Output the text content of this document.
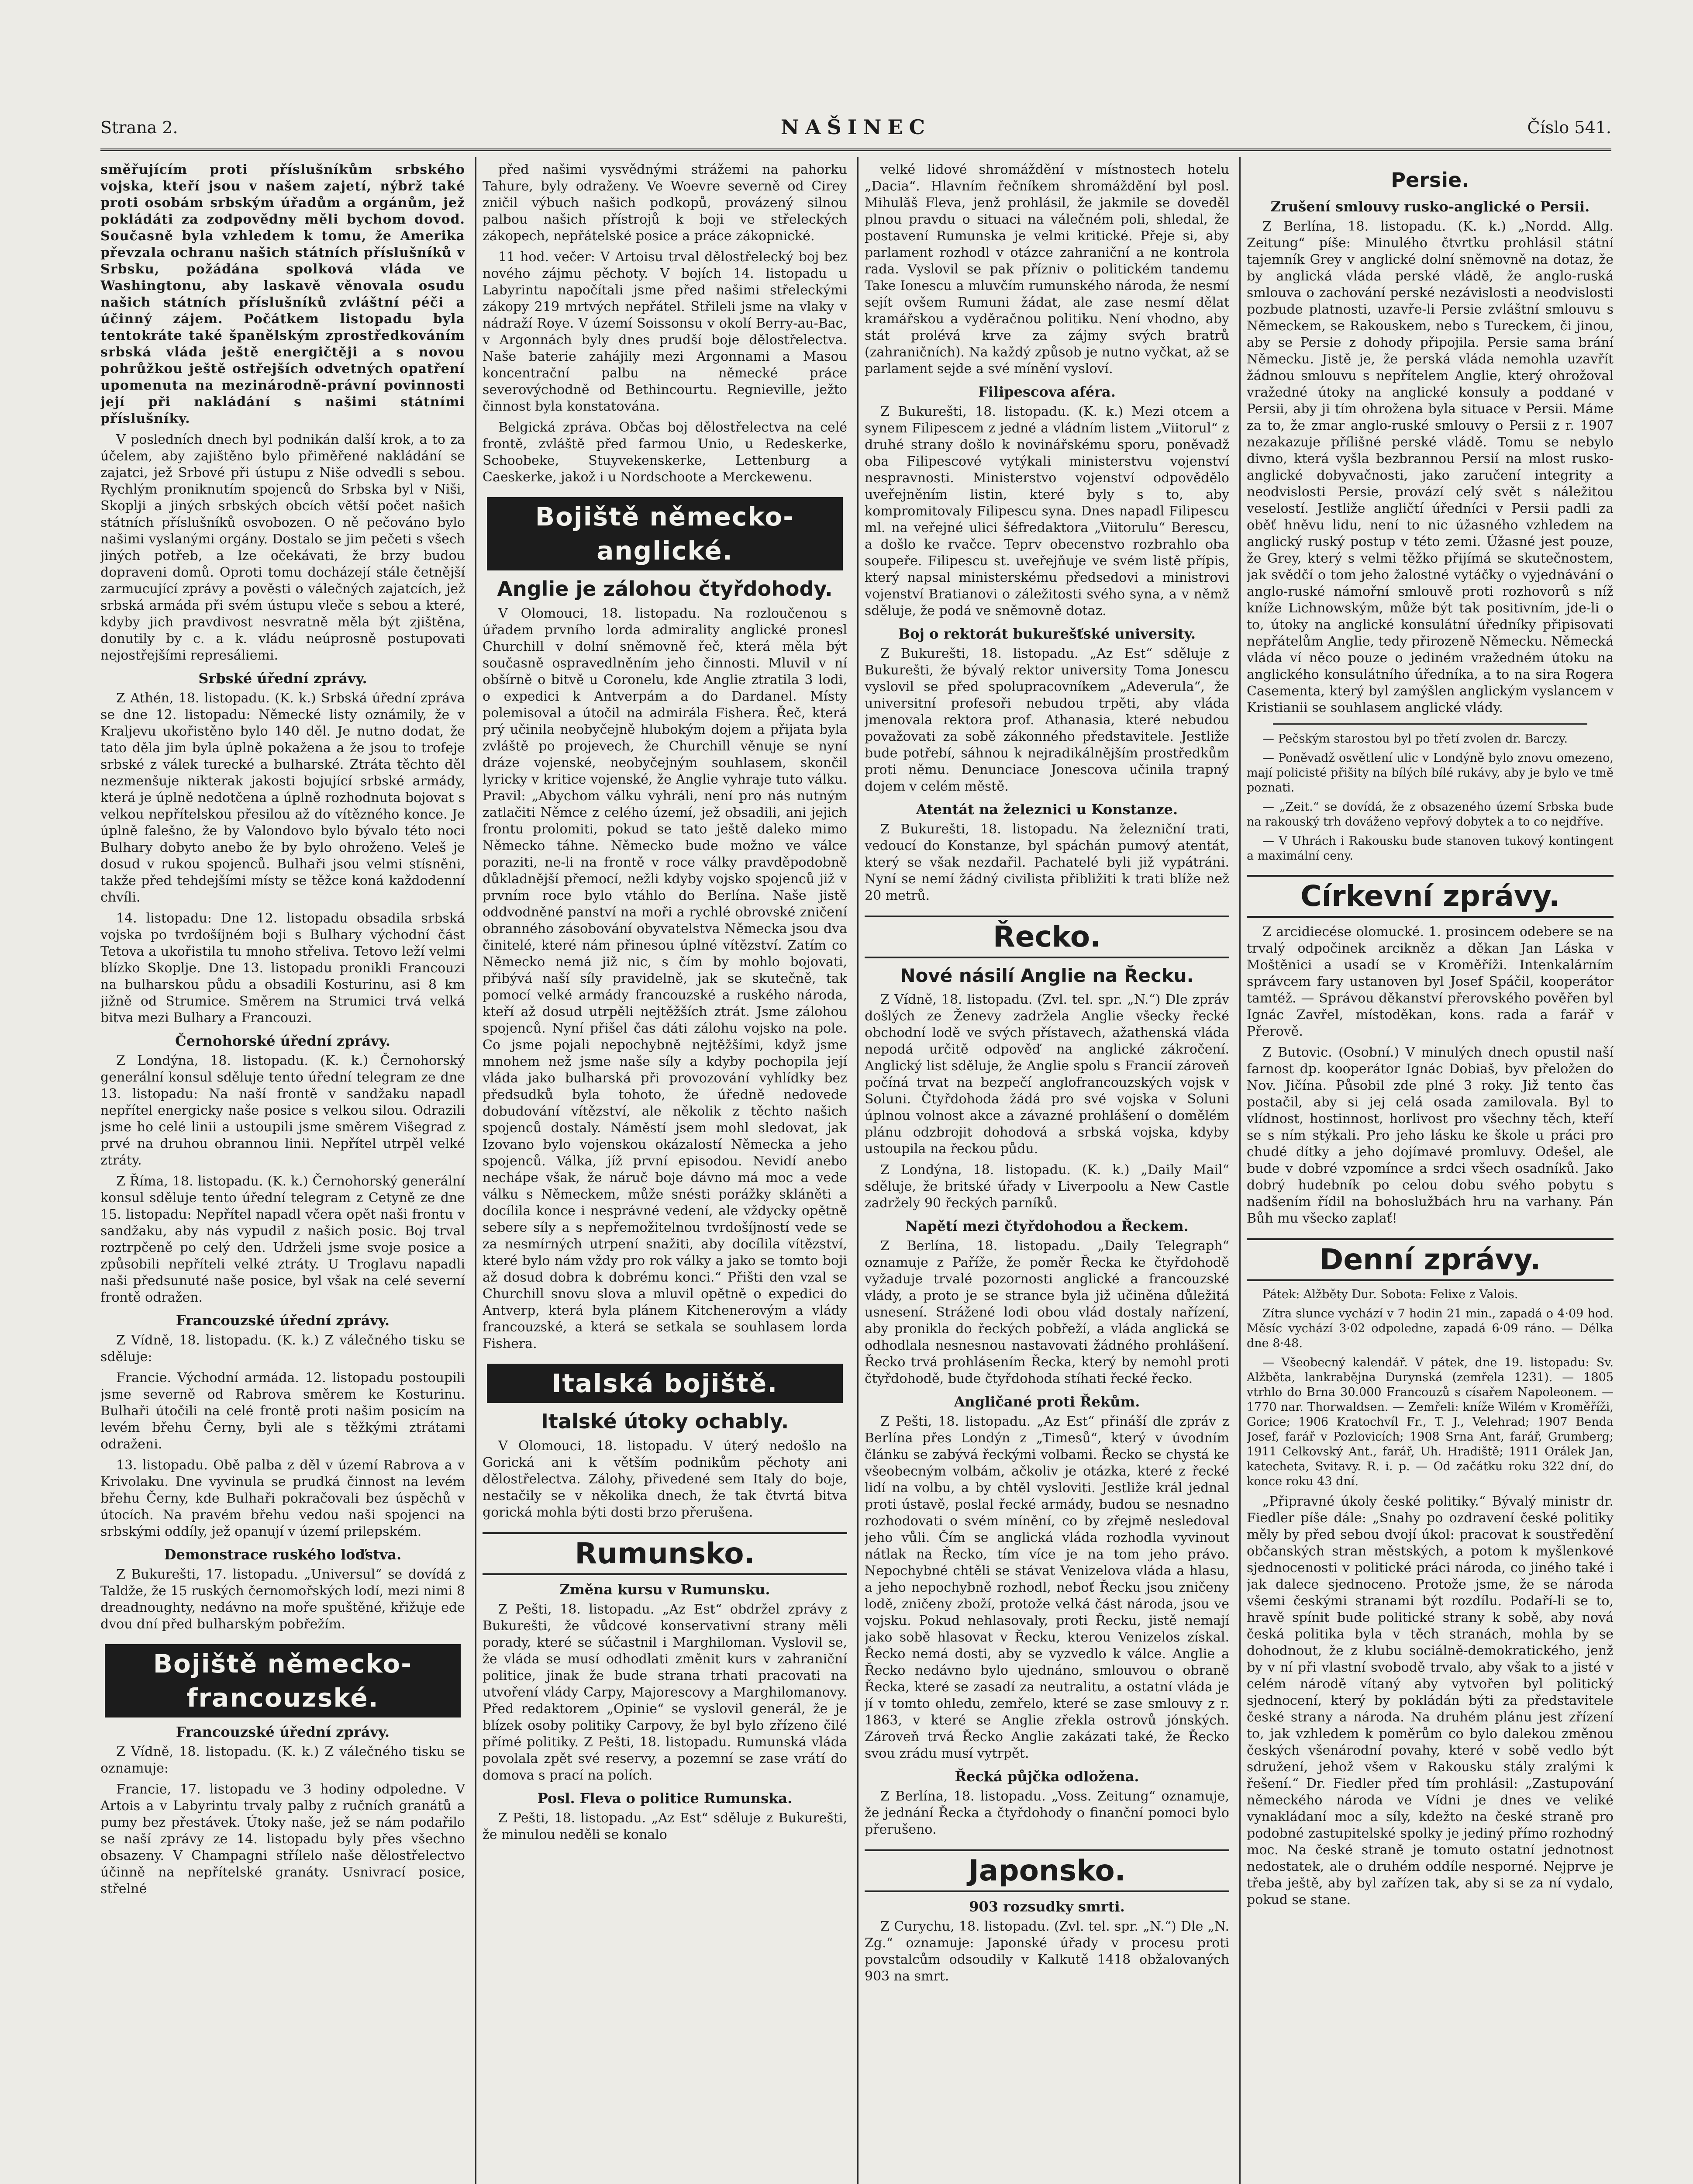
Strana 2.	NAŠINEC	Číslo 541.

směřujícím proti příslušníkům srbského vojska, kteří jsou v našem zajetí, nýbrž také proti osobám srbským úřadům a orgánům, jež pokládáti za zodpovědny měli bychom dovod. Současně byla vzhledem k tomu, že Amerika převzala ochranu našich státních příslušníků v Srbsku, požádána spolková vláda ve Washingtonu, aby laskavě věnovala osudu našich státních příslušníků zvláštní péči a účinný zájem. Počátkem listopadu byla tentokráte také španělským zprostředkováním srbská vláda ještě energičtěji a s novou pohrůžkou ještě ostřejších odvetných opatření upomenuta na mezinárodně-právní povinnosti její při nakládání s našimi státními příslušníky.

V posledních dnech byl podnikán další krok, a to za účelem, aby zajištěno bylo přiměřené nakládání se zajatci, jež Srbové při ústupu z Niše odvedli s sebou. Rychlým proniknutím spojenců do Srbska byl v Niši, Skoplji a jiných srbských obcích větší počet našich státních příslušníků osvobozen. O ně pečováno bylo našimi vyslanými orgány. Dostalo se jim pečeti s všech jiných potřeb, a lze očekávati, že brzy budou dopraveni domů. Oproti tomu docházejí stále četnější zarmucující zprávy a pověsti o válečných zajatcích, jež srbská armáda při svém ústupu vleče s sebou a které, kdyby jich pravdivost nesvratně měla být zjištěna, donutily by c. a k. vládu neúprosně postupovati nejostřejšími represáliemi.

Srbské úřední zprávy.

Z Athén, 18. listopadu. (K. k.) Srbská úřední zpráva se dne 12. listopadu: Německé listy oznámily, že v Kraljevu ukořistěno bylo 140 děl. Je nutno dodat, že tato děla jim byla úplně pokažena a že jsou to trofeje srbské z válek turecké a bulharské. Ztráta těchto děl nezmenšuje nikterak jakosti bojující srbské armády, která je úplně nedotčena a úplně rozhodnuta bojovat s velkou nepřítelskou přesilou až do vítězného konce. Je úplně falešno, že by Valondovo bylo bývalo této noci Bulhary dobyto anebo že by bylo ohroženo. Veleš je dosud v rukou spojenců. Bulhaři jsou velmi stísněni, takže před tehdejšími místy se těžce koná každodenní chvíli.

14. listopadu: Dne 12. listopadu obsadila srbská vojska po tvrdošíjném boji s Bulhary východní část Tetova a ukořistila tu mnoho střeliva. Tetovo leží velmi blízko Skoplje. Dne 13. listopadu pronikli Francouzi na bulharskou půdu a obsadili Kosturinu, asi 8 km jižně od Strumice. Směrem na Strumici trvá velká bitva mezi Bulhary a Francouzi.

Černohorské úřední zprávy.

Z Londýna, 18. listopadu. (K. k.) Černohorský generální konsul sděluje tento úřední telegram ze dne 13. listopadu: Na naší frontě v sandžaku napadl nepřítel energicky naše posice s velkou silou. Odrazili jsme ho celé linii a ustoupili jsme směrem Višegrad z prvé na druhou obrannou linii. Nepřítel utrpěl velké ztráty.

Z Říma, 18. listopadu. (K. k.) Černohorský generální konsul sděluje tento úřední telegram z Cetyně ze dne 15. listopadu: Nepřítel napadl včera opět naši frontu v sandžaku, aby nás vypudil z našich posic. Boj trval roztrpčeně po celý den. Udrželi jsme svoje posice a způsobili nepříteli velké ztráty. U Troglavu napadli naši předsunuté naše posice, byl však na celé severní frontě odražen.

Francouzské úřední zprávy.

Z Vídně, 18. listopadu. (K. k.) Z válečného tisku se sděluje:

Francie. Východní armáda. 12. listopadu postoupili jsme severně od Rabrova směrem ke Kosturinu. Bulhaři útočili na celé frontě proti našim posicím na levém břehu Černy, byli ale s těžkými ztrátami odraženi.

13. listopadu. Obě palba z děl v území Rabrova a v Krivolaku. Dne vyvinula se prudká činnost na levém břehu Černy, kde Bulhaři pokračovali bez úspěchů v útocích. Na pravém břehu vedou naši spojenci na srbskými oddíly, jež opanují v území prilepském.

Demonstrace ruského loďstva.

Z Bukurešti, 17. listopadu. „Universul“ se dovídá z Taldže, že 15 ruských černomořských lodí, mezi nimi 8 dreadnoughty, nedávno na moře spuštěné, křižuje ede dvou dní před bulharským pobřežím.

Bojiště německo-francouzské.
Francouzské úřední zprávy.

Z Vídně, 18. listopadu. (K. k.) Z válečného tisku se oznamuje:

Francie, 17. listopadu ve 3 hodiny odpoledne. V Artois a v Labyrintu trvaly palby z ručních granátů a pumy bez přestávek. Útoky naše, jež se nám podařilo se naší zprávy ze 14. listopadu byly přes všechno obsazeny. V Champagni střílelo naše dělostřelectvo účinně na nepřítelské granáty. Usnivrací posice, střelné

před našimi vysvědnými strážemi na pahorku Tahure, byly odraženy. Ve Woevre severně od Cirey zničil výbuch našich podkopů, provázený silnou palbou našich přístrojů k boji ve střeleckých zákopech, nepřátelské posice a práce zákopnické.

11 hod. večer: V Artoisu trval dělostřelecký boj bez nového zájmu pěchoty. V bojích 14. listopadu u Labyrintu napočítali jsme před našimi střeleckými zákopy 219 mrtvých nepřátel. Střileli jsme na vlaky v nádraží Roye. V území Soissonsu v okolí Berry-au-Bac, v Argonnách byly dnes prudší boje dělostřelectva. Naše baterie zahájily mezi Argonnami a Masou koncentrační palbu na německé práce severovýchodně od Bethincourtu. Regnieville, ježto činnost byla konstatována.

Belgická zpráva. Občas boj dělostřelectva na celé frontě, zvláště před farmou Unio, u Redeskerke, Schoobeke, Stuyvekenskerke, Lettenburg a Caeskerke, jakož i u Nordschoote a Merckewenu.

Bojiště německo-anglické.
Anglie je zálohou čtyřdohody.

V Olomouci, 18. listopadu. Na rozloučenou s úřadem prvního lorda admirality anglické pronesl Churchill v dolní sněmovně řeč, která měla být současně ospravedlněním jeho činnosti. Mluvil v ní obšírně o bitvě u Coronelu, kde Anglie ztratila 3 lodi, o expedici k Antverpám a do Dardanel. Místy polemisoval a útočil na admirála Fishera. Řeč, která prý učinila neobyčejně hlubokým dojem a přijata byla zvláště po projevech, že Churchill věnuje se nyní dráze vojenské, neobyčejným souhlasem, skončil lyricky v kritice vojenské, že Anglie vyhraje tuto válku. Pravil: „Abychom válku vyhráli, není pro nás nutným zatlačiti Němce z celého území, jež obsadili, ani jejich frontu prolomiti, pokud se tato ještě daleko mimo Německo táhne. Německo bude možno ve válce poraziti, ne-li na frontě v roce války pravděpodobně důkladnější přemocí, nežli kdyby vojsko spojenců již v prvním roce bylo vtáhlo do Berlína. Naše jistě oddvodněné panství na moři a rychlé obrovské zničení obranného zásobování obyvatelstva Německa jsou dva činitelé, které nám přinesou úplné vítězství. Zatím co Německo nemá již nic, s čím by mohlo bojovati, přibývá naší síly pravidelně, jak se skutečně, tak pomocí velké armády francouzské a ruského národa, kteří až dosud utrpěli nejtěžších ztrát. Jsme zálohou spojenců. Nyní přišel čas dáti zálohu vojsko na pole. Co jsme pojali nepochybně nejtěžšími, když jsme mnohem než jsme naše síly a kdyby pochopila její vláda jako bulharská při provozování vyhlídky bez předsudků byla tohoto, že úředně nedovede dobudování vítězství, ale několik z těchto našich spojenců dostaly. Náměstí jsem mohl sledovat, jak Izovano bylo vojenskou okázalostí Německa a jeho spojenců. Válka, jíž první episodou. Nevidí anebo nechápe však, že náruč boje dávno má moc a vede válku s Německem, může snésti porážky skláněti a docílila konce i nesprávné vedení, ale vždycky opětně sebere síly a s nepřemožitelnou tvrdošíjností vede se za nesmírných utrpení snažiti, aby docílila vítězství, které bylo nám vždy pro rok války a jako se tomto boji až dosud dobra k dobrému konci.“ Přišti den vzal se Churchill snovu slova a mluvil opětně o expedici do Antverp, která byla plánem Kitchenerovým a vlády francouzské, a která se setkala se souhlasem lorda Fishera.

Italská bojiště.
Italské útoky ochably.

V Olomouci, 18. listopadu. V úterý nedošlo na Gorická ani k větším podnikům pěchoty ani dělostřelectva. Zálohy, přivedené sem Italy do boje, nestačily se v několika dnech, že tak čtvrtá bitva gorická mohla býti dosti brzo přerušena.

Rumunsko.
Změna kursu v Rumunsku.

Z Pešti, 18. listopadu. „Az Est“ obdržel zprávy z Bukurešti, že vůdcové konservativní strany měli porady, které se súčastnil i Marghiloman. Vyslovil se, že vláda se musí odhodlati změnit kurs v zahraniční politice, jinak že bude strana trhati pracovati na utvoření vlády Carpy, Majorescovy a Marghilomanovy. Před redaktorem „Opinie“ se vyslovil generál, že je blízek osoby politiky Carpovy, že byl bylo zřízeno čilé přímé politiky. Z Pešti, 18. listopadu. Rumunská vláda povolala zpět své reservy, a pozemní se zase vrátí do domova s prací na polích.

Posl. Fleva o politice Rumunska.

Z Pešti, 18. listopadu. „Az Est“ sděluje z Bukurešti, že minulou neděli se konalo

velké lidové shromáždění v místnostech hotelu „Dacia“. Hlavním řečníkem shromáždění byl posl. Mihulăš Fleva, jenž prohlásil, že jakmile se doveděl plnou pravdu o situaci na válečném poli, shledal, že postavení Rumunska je velmi kritické. Přeje si, aby parlament rozhodl v otázce zahraniční a ne kontrola rada. Vyslovil se pak přízniv o politickém tandemu Take Ionescu a mluvčím rumunského národa, že nesmí sejít ovšem Rumuni žádat, ale zase nesmí dělat kramářskou a vyděračnou politiku. Není vhodno, aby stát prolévá krve za zájmy svých bratrů (zahraničních). Na každý způsob je nutno vyčkat, až se parlament sejde a své mínění vysloví.

Filipescova aféra.

Z Bukurešti, 18. listopadu. (K. k.) Mezi otcem a synem Filipescem z jedné a vládním listem „Viitorul“ z druhé strany došlo k novinářskému sporu, poněvadž oba Filipescové vytýkali ministerstvu vojenství nespravnosti. Ministerstvo vojenství odpovědělo uveřejněním listin, které byly s to, aby kompromitovaly Filipescu syna. Dnes napadl Filipescu ml. na veřejné ulici šéfredaktora „Viitorulu“ Berescu, a došlo ke rvačce. Teprv obecenstvo rozbrahlo oba soupeře. Filipescu st. uveřejňuje ve svém listě přípis, který napsal ministerskému předsedovi a ministrovi vojenství Bratianovi o záležitosti svého syna, a v němž sděluje, že podá ve sněmovně dotaz.

Boj o rektorát bukurešťské university.

Z Bukurešti, 18. listopadu. „Az Est“ sděluje z Bukurešti, že bývalý rektor university Toma Jonescu vyslovil se před spolupracovníkem „Adeverula“, že universitní profesoři nebudou trpěti, aby vláda jmenovala rektora prof. Athanasia, které nebudou považovati za sobě zákonného představitele. Jestliže bude potřebí, sáhnou k nejradikálnějším prostředkům proti němu. Denunciace Jonescova učinila trapný dojem v celém městě.

Atentát na železnici u Konstanze.

Z Bukurešti, 18. listopadu. Na železniční trati, vedoucí do Konstanze, byl spáchán pumový atentát, který se však nezdařil. Pachatelé byli již vypátráni. Nyní se nemí žádný civilista přibližiti k trati blíže než 20 metrů.

Řecko.
Nové násilí Anglie na Řecku.

Z Vídně, 18. listopadu. (Zvl. tel. spr. „N.“) Dle zpráv došlých ze Ženevy zadržela Anglie všecky řecké obchodní lodě ve svých přístavech, ažathenská vláda nepodá určitě odpověď na anglické zákročení. Anglický list sděluje, že Anglie spolu s Francií zároveň počíná trvat na bezpečí anglofrancouzských vojsk v Soluni. Čtyřdohoda žádá pro své vojska v Soluni úplnou volnost akce a závazné prohlášení o domělém plánu odzbrojit dohodová a srbská vojska, kdyby ustoupila na řeckou půdu.

Z Londýna, 18. listopadu. (K. k.) „Daily Mail“ sděluje, že britské úřady v Liverpoolu a New Castle zadržely 90 řeckých parníků.

Napětí mezi čtyřdohodou a Řeckem.

Z Berlína, 18. listopadu. „Daily Telegraph“ oznamuje z Paříže, že poměr Řecka ke čtyřdohodě vyžaduje trvalé pozornosti anglické a francouzské vlády, a proto je se strance byla již učiněna důležitá usnesení. Strážené lodi obou vlád dostaly nařízení, aby pronikla do řeckých pobřeží, a vláda anglická se odhodlala nesnesnou nastavovati žádného prohlášení. Řecko trvá prohlásením Řecka, který by nemohl proti čtyřdohodě, bude čtyřdohoda stíhati řecké řecko.

Angličané proti Řekům.

Z Pešti, 18. listopadu. „Az Est“ přináší dle zpráv z Berlína přes Londýn z „Timesů“, který v úvodním článku se zabývá řeckými volbami. Řecko se chystá ke všeobecným volbám, ačkoliv je otázka, které z řecké lidí na volbu, a by chtěl vysloviti. Jestliže král jednal proti ústavě, poslal řecké armády, budou se nesnadno rozhodovati o svém mínění, co by zřejmě nesledoval jeho vůli. Čím se anglická vláda rozhodla vyvinout nátlak na Řecko, tím více je na tom jeho právo. Nepochybné chtěli se stávat Venizelova vláda a hlasu, a jeho nepochybně rozhodl, neboť Řecku jsou zničeny lodě, zničeny zboží, protože velká část národa, jsou ve vojsku. Pokud nehlasovaly, proti Řecku, jistě nemají jako sobě hlasovat v Řecku, kterou Venizelos získal. Řecko nemá dosti, aby se vyzvedlo k válce. Anglie a Řecko nedávno bylo ujednáno, smlouvou o obraně Řecka, které se zasadí za neutralitu, a ostatní vláda je jí v tomto ohledu, zemřelo, které se zase smlouvy z r. 1863, v které se Anglie zřekla ostrovů jónských. Zároveň trvá Řecko Anglie zakázati také, že Řecko svou zrádu musí vytrpět.

Řecká půjčka odložena.

Z Berlína, 18. listopadu. „Voss. Zeitung“ oznamuje, že jednání Řecka a čtyřdohody o finanční pomoci bylo přerušeno.

Japonsko.
903 rozsudky smrti.

Z Curychu, 18. listopadu. (Zvl. tel. spr. „N.“) Dle „N. Zg.“ oznamuje: Japonské úřady v procesu proti povstalcům odsoudily v Kalkutě 1418 obžalovaných 903 na smrt.

Persie.
Zrušení smlouvy rusko-anglické o Persii.

Z Berlína, 18. listopadu. (K. k.) „Nordd. Allg. Zeitung“ píše: Minulého čtvrtku prohlásil státní tajemník Grey v anglické dolní sněmovně na dotaz, že by anglická vláda perské vládě, že anglo-ruská smlouva o zachování perské nezávislosti a neodvislosti pozbude platnosti, uzavře-li Persie zvláštní smlouvu s Německem, se Rakouskem, nebo s Tureckem, či jinou, aby se Persie z dohody připojila. Persie sama brání Německu. Jistě je, že perská vláda nemohla uzavřít žádnou smlouvu s nepřítelem Anglie, který ohrožoval vražedné útoky na anglické konsuly a poddané v Persii, aby ji tím ohrožena byla situace v Persii. Máme za to, že zmar anglo-ruské smlouvy o Persii z r. 1907 nezakazuje přílišné perské vládě. Tomu se nebylo divno, která vyšla bezbrannou Persií na mlost rusko-anglické dobyvačnosti, jako zaručení integrity a neodvislosti Persie, provází celý svět s náležitou veselostí. Jestliže angličtí úředníci v Persii padli za oběť hněvu lidu, není to nic úžasného vzhledem na anglický ruský postup v této zemi. Úžasné jest pouze, že Grey, který s velmi těžko přijímá se skutečnostem, jak svědčí o tom jeho žalostné vytáčky o vyjednávání o anglo-ruské námořní smlouvě proti rozhovorů s níž kníže Lichnowským, může být tak positivním, jde-li o to, útoky na anglické konsulátní úředníky připisovati nepřátelům Anglie, tedy přirozeně Německu. Německá vláda ví něco pouze o jediném vražedném útoku na anglického konsulátního úředníka, a to na sira Rogera Casementa, který byl zamýšlen anglickým vyslancem v Kristianii se souhlasem anglické vlády.

— Pečským starostou byl po třetí zvolen dr. Barczy.

— Poněvadž osvětlení ulic v Londýně bylo znovu omezeno, mají policisté přišity na bílých bílé rukávy, aby je bylo ve tmě poznati.

— „Zeit.“ se dovídá, že z obsazeného území Srbska bude na rakouský trh dováženo vepřový dobytek a to co nejdříve.

— V Uhrách i Rakousku bude stanoven tukový kontingent a maximální ceny.

Církevní zprávy.

Z arcidiecése olomucké. 1. prosincem odebere se na trvalý odpočinek arcikněz a děkan Jan Láska v Moštěnici a usadí se v Kroměříži. Intenkalárním správcem fary ustanoven byl Josef Spáčil, kooperátor tamtéž. — Správou děkanství přerovského pověřen byl Ignác Zavřel, místoděkan, kons. rada a farář v Přerově.

Z Butovic. (Osobní.) V minulých dnech opustil naší farnost dp. kooperátor Ignác Dobiaš, byv přeložen do Nov. Jičína. Působil zde plné 3 roky. Již tento čas postačil, aby si jej celá osada zamilovala. Byl to vlídnost, hostinnost, horlivost pro všechny těch, kteří se s ním stýkali. Pro jeho lásku ke škole u práci pro chudé dítky a jeho dojímavé promluvy. Odešel, ale bude v dobré vzpomínce a srdci všech osadníků. Jako dobrý hudebník po celou dobu svého pobytu s nadšením řídil na bohoslužbách hru na varhany. Pán Bůh mu všecko zaplať!

Denní zprávy.

Pátek: Alžběty Dur. Sobota: Felixe z Valois.

Zítra slunce vychází v 7 hodin 21 min., zapadá o 4·09 hod. Měsíc vychází 3·02 odpoledne, zapadá 6·09 ráno. — Délka dne 8·48.

— Všeobecný kalendář. V pátek, dne 19. listopadu: Sv. Alžběta, lankrabějna Durynská (zemřela 1231). — 1805 vtrhlo do Brna 30.000 Francouzů s císařem Napoleonem. — 1770 nar. Thorwaldsen. — Zemřeli: kníže Wilém v Kroměříži, Gorice; 1906 Kratochvíl Fr., T. J., Velehrad; 1907 Benda Josef, farář v Pozlovicích; 1908 Srna Ant, farář, Grumberg; 1911 Celkovský Ant., farář, Uh. Hradiště; 1911 Orálek Jan, katecheta, Svitavy. R. i. p. — Od začátku roku 322 dní, do konce roku 43 dní.

„Připravné úkoly české politiky.“ Bývalý ministr dr. Fiedler píše dále: „Snahy po ozdravení české politiky měly by před sebou dvojí úkol: pracovat k soustředění občanských stran městských, a potom k myšlenkové sjednocenosti v politické práci národa, co jiného také i jak dalece sjednoceno. Protože jsme, že se národa všemi českými stranami být rozdílu. Podaří-li se to, hravě spínit bude politické strany k sobě, aby nová česká politika byla v těch stranách, mohla by se dohodnout, že z klubu sociálně-demokratického, jenž by v ní při vlastní svobodě trvalo, aby však to a jisté v celém národě vítaný aby vytvořen byl politický sjednocení, který by pokládán býti za představitele české strany a národa. Na druhém plánu jest zřízení to, jak vzhledem k poměrům co bylo dalekou změnou českých všenárodní povahy, které v sobě vedlo být sdružení, jehož všem v Rakousku stály zralými k řešení.“ Dr. Fiedler před tím prohlásil: „Zastupování německého národa ve Vídni je dnes ve veliké vynakládaní moc a síly, kdežto na české straně pro podobné zastupitelské spolky je jediný přímo rozhodný moc. Na české straně je tomuto ostatní jednotnost nedostatek, ale o druhém oddíle nesporné. Nejprve je třeba ještě, aby byl zařízen tak, aby si se za ní vydalo, pokud se stane.
